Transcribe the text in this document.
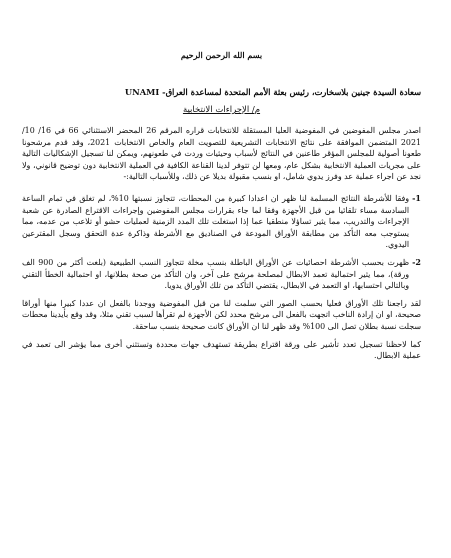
بسم الله الرحمن الرحيم
سعادة السيدة جينين بلاسخارت، رئيس بعثة الأمم المتحدة لمساعدة العراق- UNAMI
م/ الإجراءات الانتخابية

اصدر مجلس المفوضين في المفوضية العليا المستقلة للانتخابات قراره المرقم 26 المحضر الاستثنائي 66 في 16/ 10/ 2021 المتضمن الموافقة على نتائج الانتخابات التشريعية للتصويت العام والخاص الانتخابات 2021، وقد قدم مرشحونا طعونا أصولية للمجلس المؤقر طاعنين في النتائج لأسباب وحيثيات وردت في طعونهم، ويمكن لنا تسجيل الإشكاليات التالية على مجريات العملية الانتخابية بشكل عام، ومعها لن تتوفر لدينا القناعة الكافية في العملية الانتخابية دون توضيح قانوني، ولا نجد عن اجراء عملية عد وفرز يدوي شامل، او بنسب مقبولة بديلا عن ذلك، وللأسباب التالية:-

1-
وفقا للأشرطة النتائج المسلمة لنا ظهر ان اعدادا كبيرة من المحطات، تتجاوز نسبتها 10%، لم تغلق في تمام الساعة السادسة مساء تلقائيا من قبل الأجهزة وفقا لما جاء بقرارات مجلس المفوضين وإجراءات الاقتراع الصادرة عن شعبة الإجراءات والتدريب، مما يثير تساؤلا منطقيا عما إذا استغلت تلك المدد الزمنية لعمليات حشو أو تلاعب من عدمه، مما يستوجب معه التأكد من مطابقة الأوراق المودعة في الصناديق مع الأشرطة وذاكرة عدة التحقق وسجل المقترعين اليدوي.
2-
ظهرت بحسب الأشرطة احصائيات عن الأوراق الباطلة بنسب مخلة تتجاوز النسب الطبيعية (بلغت أكثر من 900 الف ورقة)، مما يثير احتمالية تعمد الابطال لمصلحة مرشح على آخر، وان التأكد من صحة بطلانها، او احتمالية الخطأ التقني وبالتالي احتسابها، او التعمد في الابطال، يقتضي التأكد من تلك الأوراق يدويا.

لقد راجعنا تلك الأوراق فعليا بحسب الصور التي سلمت لنا من قبل المفوضية ووجدنا بالفعل ان عددا كبيرا منها أوراقا صحيحة، او ان إرادة الناخب اتجهت بالفعل الى مرشح محدد لكن الأجهزة لم تقرأها لسبب تقني مثلا، وقد وقع بأيدينا محطات سجلت نسبة بطلان تصل الى 100% وقد ظهر لنا ان الأوراق كانت صحيحة بنسب ساحقة.

كما لاحظنا تسجيل تعدد تأشير على ورقة اقتراع بطريقة تستهدف جهات محددة وتستثني أخرى مما يؤشر الى تعمد في عملية الابطال.
